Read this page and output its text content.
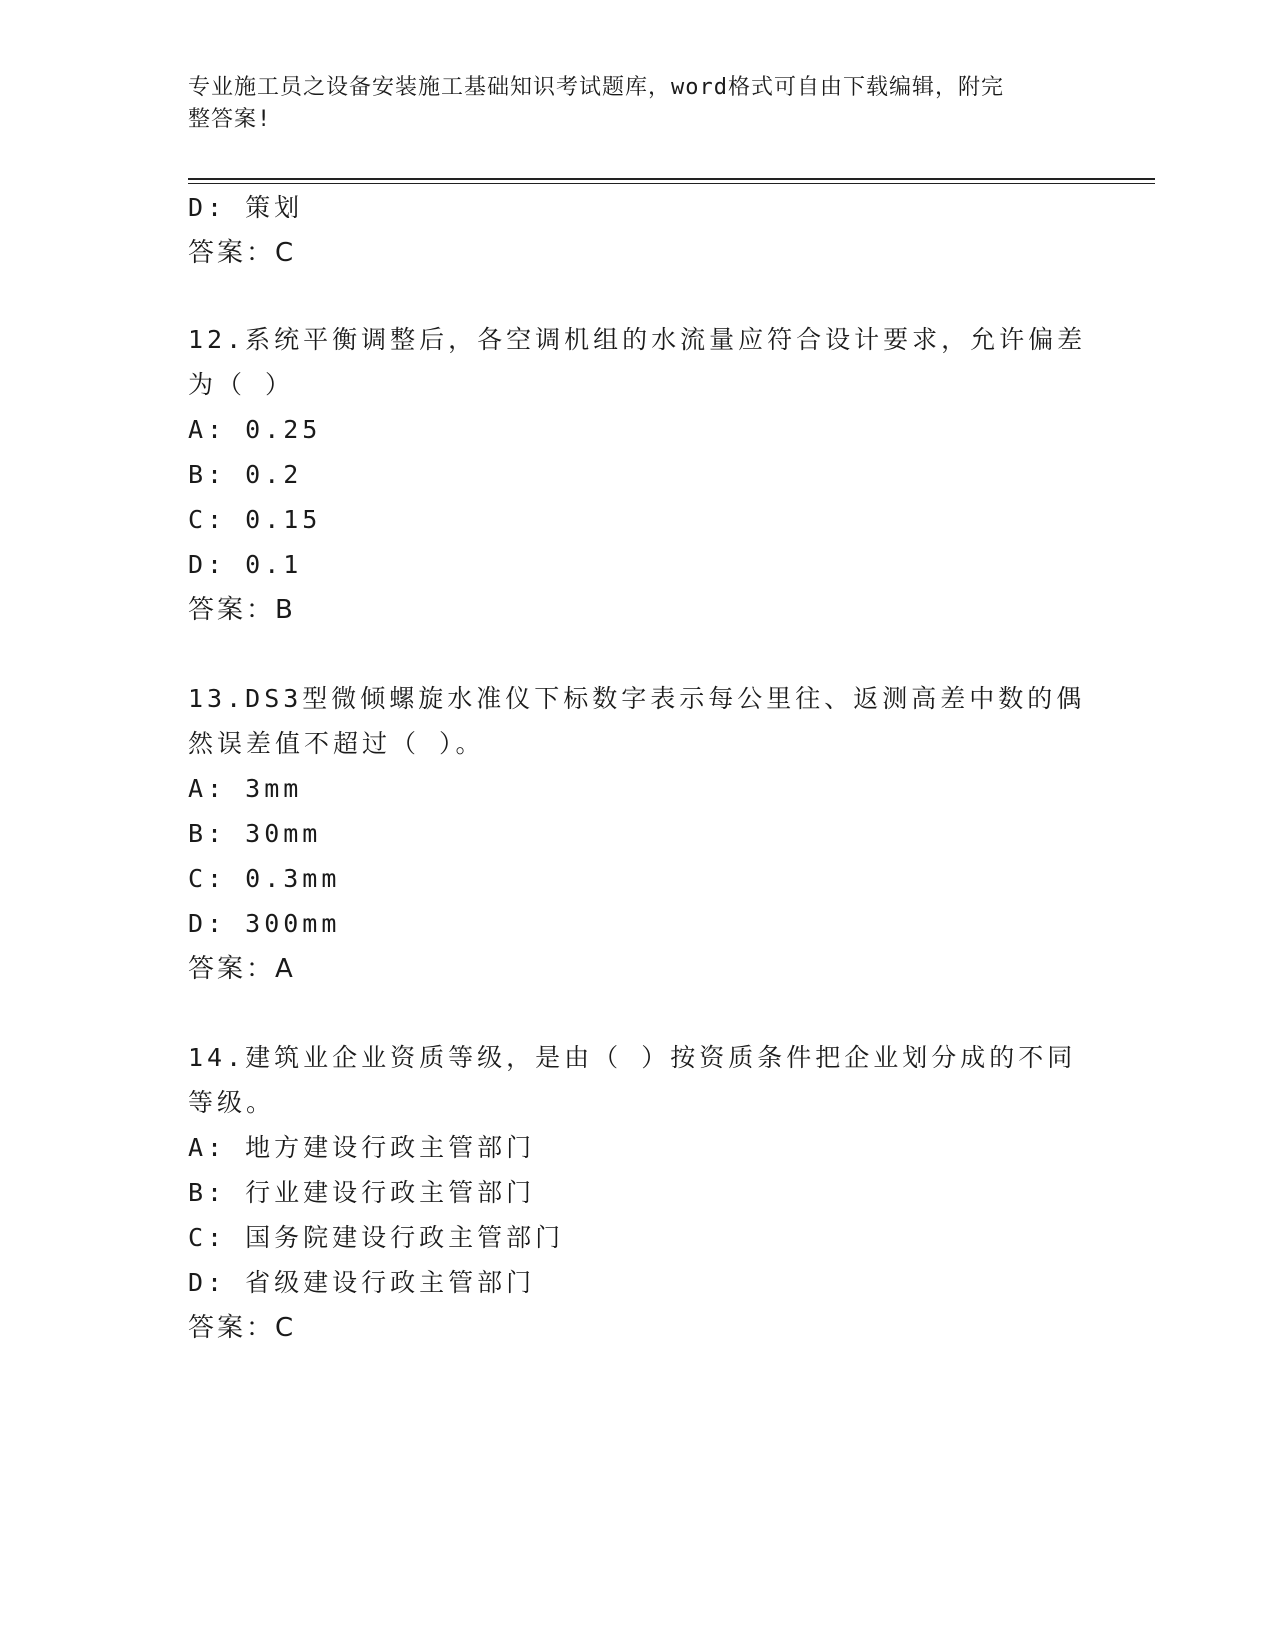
专业施工员之设备安装施工基础知识考试题库，word格式可自由下载编辑，附完
整答案!
D: 策划
答案：C
12.系统平衡调整后，各空调机组的水流量应符合设计要求，允许偏差
为（ ）
A: 0.25
B: 0.2
C: 0.15
D: 0.1
答案：B
13.DS3型微倾螺旋水准仪下标数字表示每公里往、返测高差中数的偶
然误差值不超过（ ）。
A: 3mm
B: 30mm
C: 0.3mm
D: 300mm
答案：A
14.建筑业企业资质等级，是由（ ）按资质条件把企业划分成的不同
等级。
A: 地方建设行政主管部门
B: 行业建设行政主管部门
C: 国务院建设行政主管部门
D: 省级建设行政主管部门
答案：C
